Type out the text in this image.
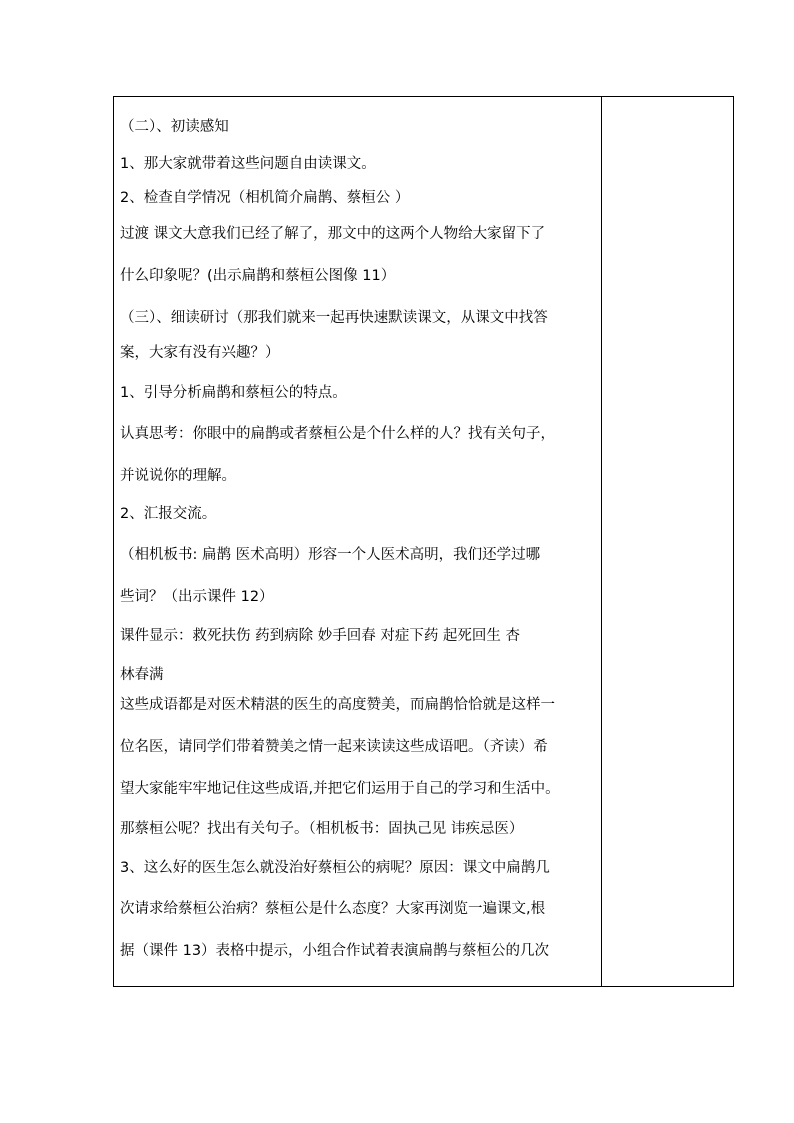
（二）、初读感知
1、那大家就带着这些问题自由读课文。
2、检查自学情况（相机简介扁鹊、蔡桓公 ）
过渡 课文大意我们已经了解了，那文中的这两个人物给大家留下了
什么印象呢？(出示扁鹊和蔡桓公图像 11）
（三）、细读研讨（那我们就来一起再快速默读课文，从课文中找答
案，大家有没有兴趣？）
1、引导分析扁鹊和蔡桓公的特点。
认真思考：你眼中的扁鹊或者蔡桓公是个什么样的人？找有关句子，
并说说你的理解。
2、汇报交流。
（相机板书: 扁鹊 医术高明）形容一个人医术高明，我们还学过哪
些词？（出示课件 12）
课件显示：救死扶伤 药到病除 妙手回春 对症下药 起死回生 杏
林春满
这些成语都是对医术精湛的医生的高度赞美，而扁鹊恰恰就是这样一
位名医，请同学们带着赞美之情一起来读读这些成语吧。（齐读）希
望大家能牢牢地记住这些成语,并把它们运用于自己的学习和生活中。
那蔡桓公呢？找出有关句子。（相机板书：固执己见 讳疾忌医）
3、这么好的医生怎么就没治好蔡桓公的病呢？原因：课文中扁鹊几
次请求给蔡桓公治病？蔡桓公是什么态度？大家再浏览一遍课文,根
据（课件 13）表格中提示，小组合作试着表演扁鹊与蔡桓公的几次
